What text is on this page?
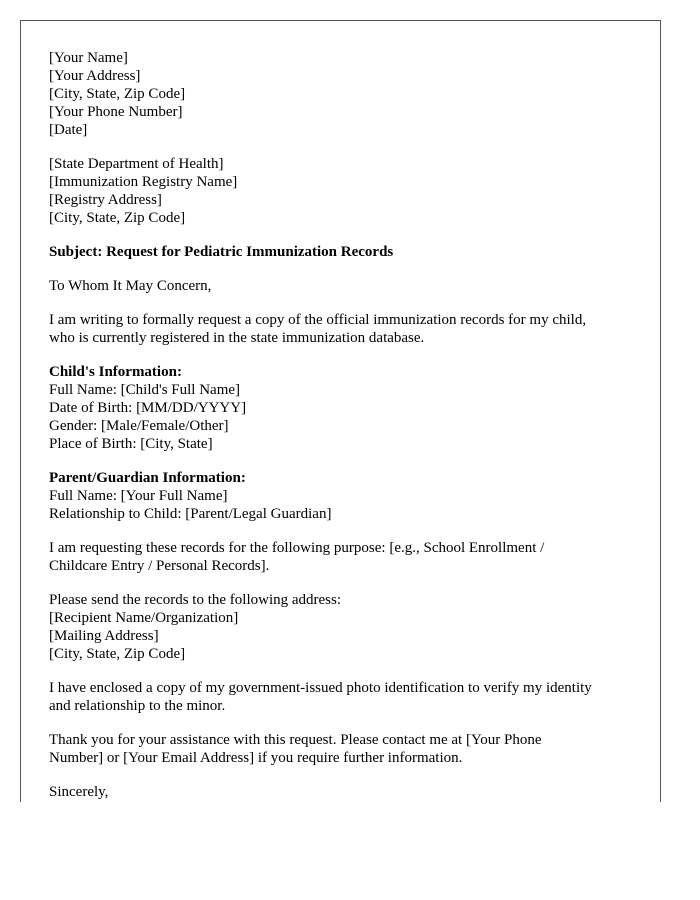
[Your Name]
[Your Address]
[City, State, Zip Code]
[Your Phone Number]
[Date]
[State Department of Health]
[Immunization Registry Name]
[Registry Address]
[City, State, Zip Code]
Subject: Request for Pediatric Immunization Records
To Whom It May Concern,
I am writing to formally request a copy of the official immunization records for my child,
who is currently registered in the state immunization database.
Child's Information:
Full Name: [Child's Full Name]
Date of Birth: [MM/DD/YYYY]
Gender: [Male/Female/Other]
Place of Birth: [City, State]
Parent/Guardian Information:
Full Name: [Your Full Name]
Relationship to Child: [Parent/Legal Guardian]
I am requesting these records for the following purpose: [e.g., School Enrollment /
Childcare Entry / Personal Records].
Please send the records to the following address:
[Recipient Name/Organization]
[Mailing Address]
[City, State, Zip Code]
I have enclosed a copy of my government-issued photo identification to verify my identity
and relationship to the minor.
Thank you for your assistance with this request. Please contact me at [Your Phone
Number] or [Your Email Address] if you require further information.
Sincerely,
